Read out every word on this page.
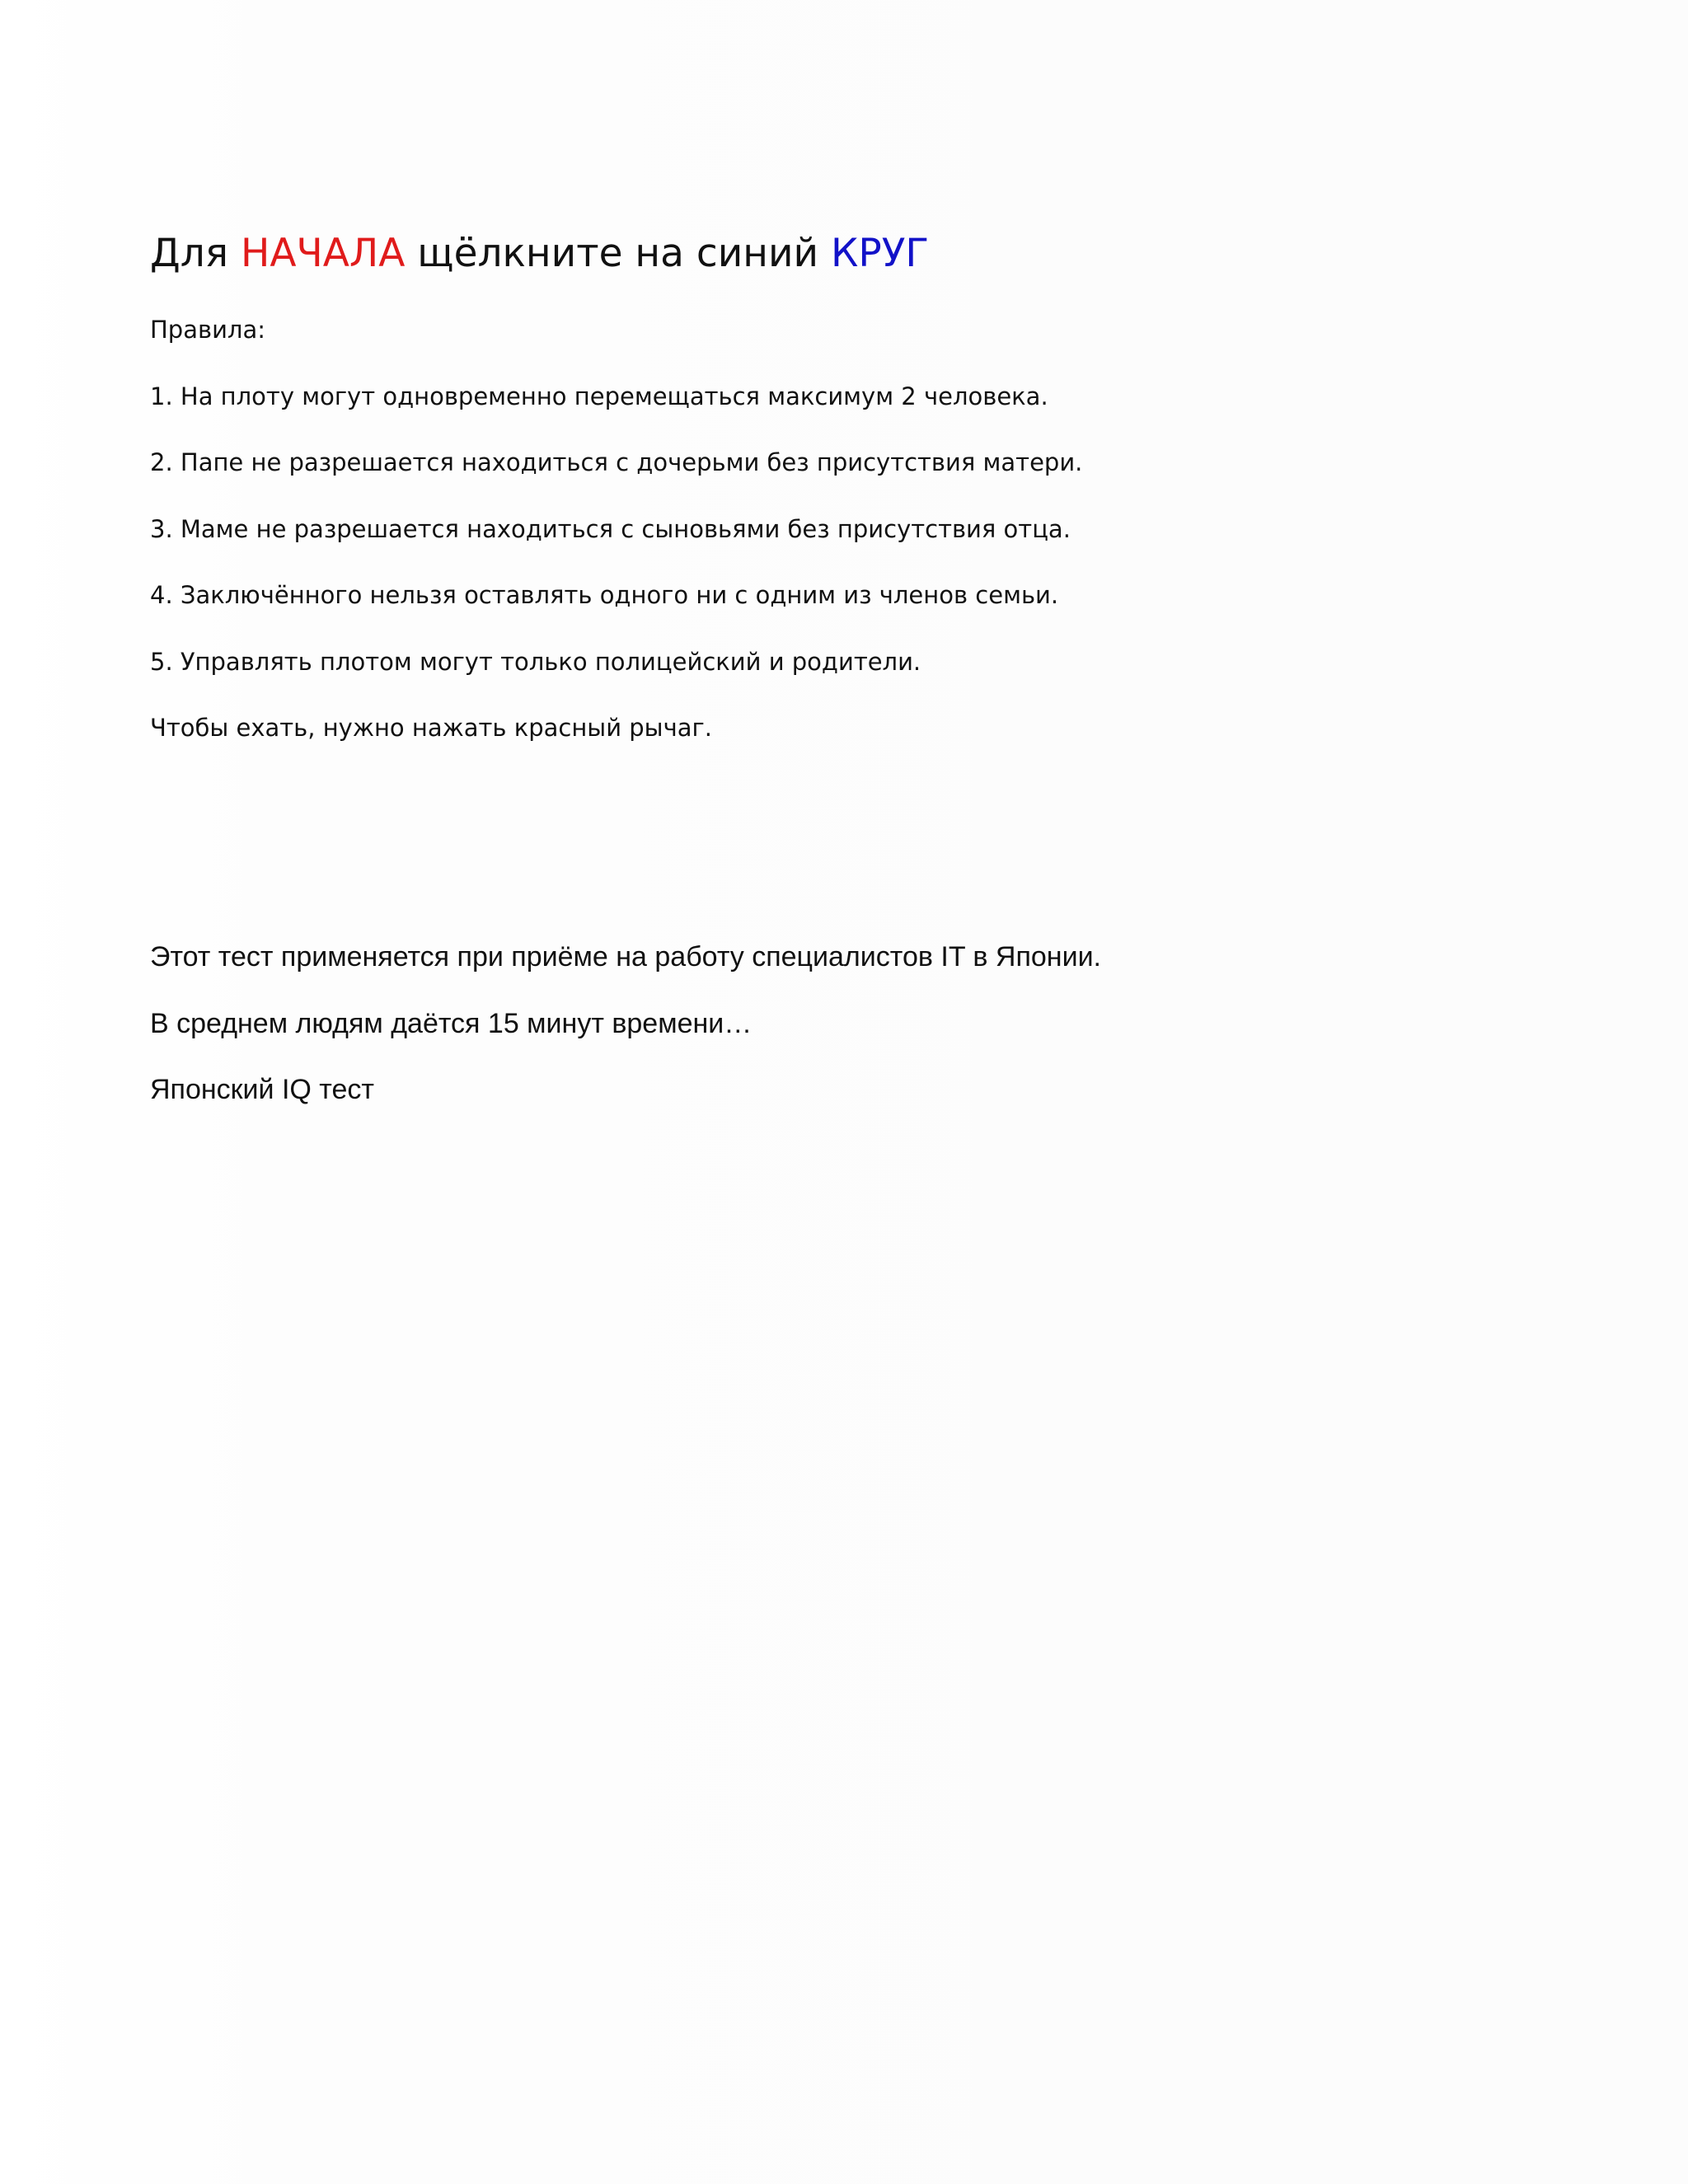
Для НАЧАЛА щёлкните на синий КРУГ
Правила:
1. На плоту могут одновременно перемещаться максимум 2 человека.
2. Папе не разрешается находиться с дочерьми без присутствия матери.
3. Маме не разрешается находиться с сыновьями без присутствия отца.
4. Заключённого нельзя оставлять одного ни с одним из членов семьи.
5. Управлять плотом могут только полицейский и родители.
Чтобы ехать, нужно нажать красный рычаг.
Этот тест применяется при приёме на работу специалистов IT в Японии.
В среднем людям даётся 15 минут времени…
Японский IQ тест
